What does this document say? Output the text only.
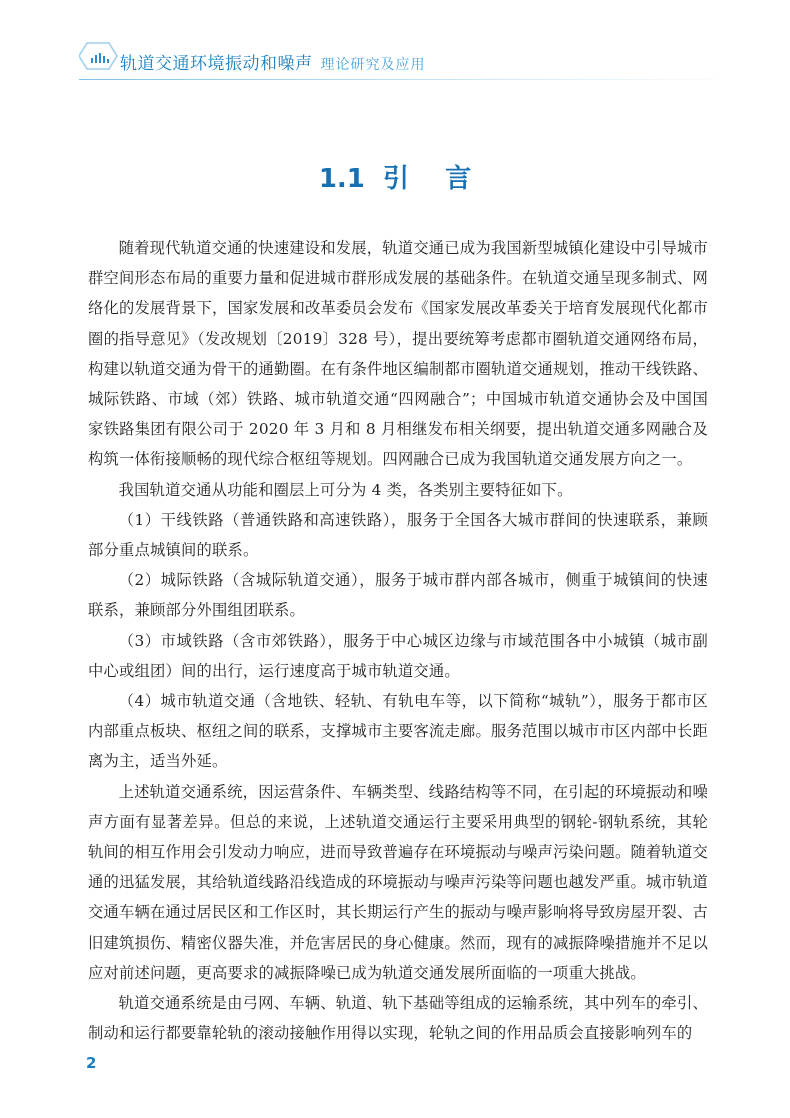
轨道交通环境振动和噪声 理论研究及应用
1.1  引    言

随着现代轨道交通的快速建设和发展，轨道交通已成为我国新型城镇化建设中引导城市群空间形态布局的重要力量和促进城市群形成发展的基础条件。在轨道交通呈现多制式、网络化的发展背景下，国家发展和改革委员会发布《国家发展改革委关于培育发展现代化都市圈的指导意见》（发改规划〔2019〕328 号），提出要统筹考虑都市圈轨道交通网络布局，构建以轨道交通为骨干的通勤圈。在有条件地区编制都市圈轨道交通规划，推动干线铁路、城际铁路、市域（郊）铁路、城市轨道交通“四网融合”；中国城市轨道交通协会及中国国家铁路集团有限公司于 2020 年 3 月和 8 月相继发布相关纲要，提出轨道交通多网融合及构筑一体衔接顺畅的现代综合枢纽等规划。四网融合已成为我国轨道交通发展方向之一。

我国轨道交通从功能和圈层上可分为 4 类，各类别主要特征如下。

（1）干线铁路（普通铁路和高速铁路），服务于全国各大城市群间的快速联系，兼顾部分重点城镇间的联系。

（2）城际铁路（含城际轨道交通），服务于城市群内部各城市，侧重于城镇间的快速联系，兼顾部分外围组团联系。

（3）市域铁路（含市郊铁路），服务于中心城区边缘与市域范围各中小城镇（城市副中心或组团）间的出行，运行速度高于城市轨道交通。

（4）城市轨道交通（含地铁、轻轨、有轨电车等，以下简称“城轨”），服务于都市区内部重点板块、枢纽之间的联系，支撑城市主要客流走廊。服务范围以城市市区内部中长距离为主，适当外延。

上述轨道交通系统，因运营条件、车辆类型、线路结构等不同，在引起的环境振动和噪声方面有显著差异。但总的来说，上述轨道交通运行主要采用典型的钢轮-钢轨系统，其轮轨间的相互作用会引发动力响应，进而导致普遍存在环境振动与噪声污染问题。随着轨道交通的迅猛发展，其给轨道线路沿线造成的环境振动与噪声污染等问题也越发严重。城市轨道交通车辆在通过居民区和工作区时，其长期运行产生的振动与噪声影响将导致房屋开裂、古旧建筑损伤、精密仪器失准，并危害居民的身心健康。然而，现有的减振降噪措施并不足以应对前述问题，更高要求的减振降噪已成为轨道交通发展所面临的一项重大挑战。

轨道交通系统是由弓网、车辆、轨道、轨下基础等组成的运输系统，其中列车的牵引、制动和运行都要靠轮轨的滚动接触作用得以实现，轮轨之间的作用品质会直接影响列车的

2
